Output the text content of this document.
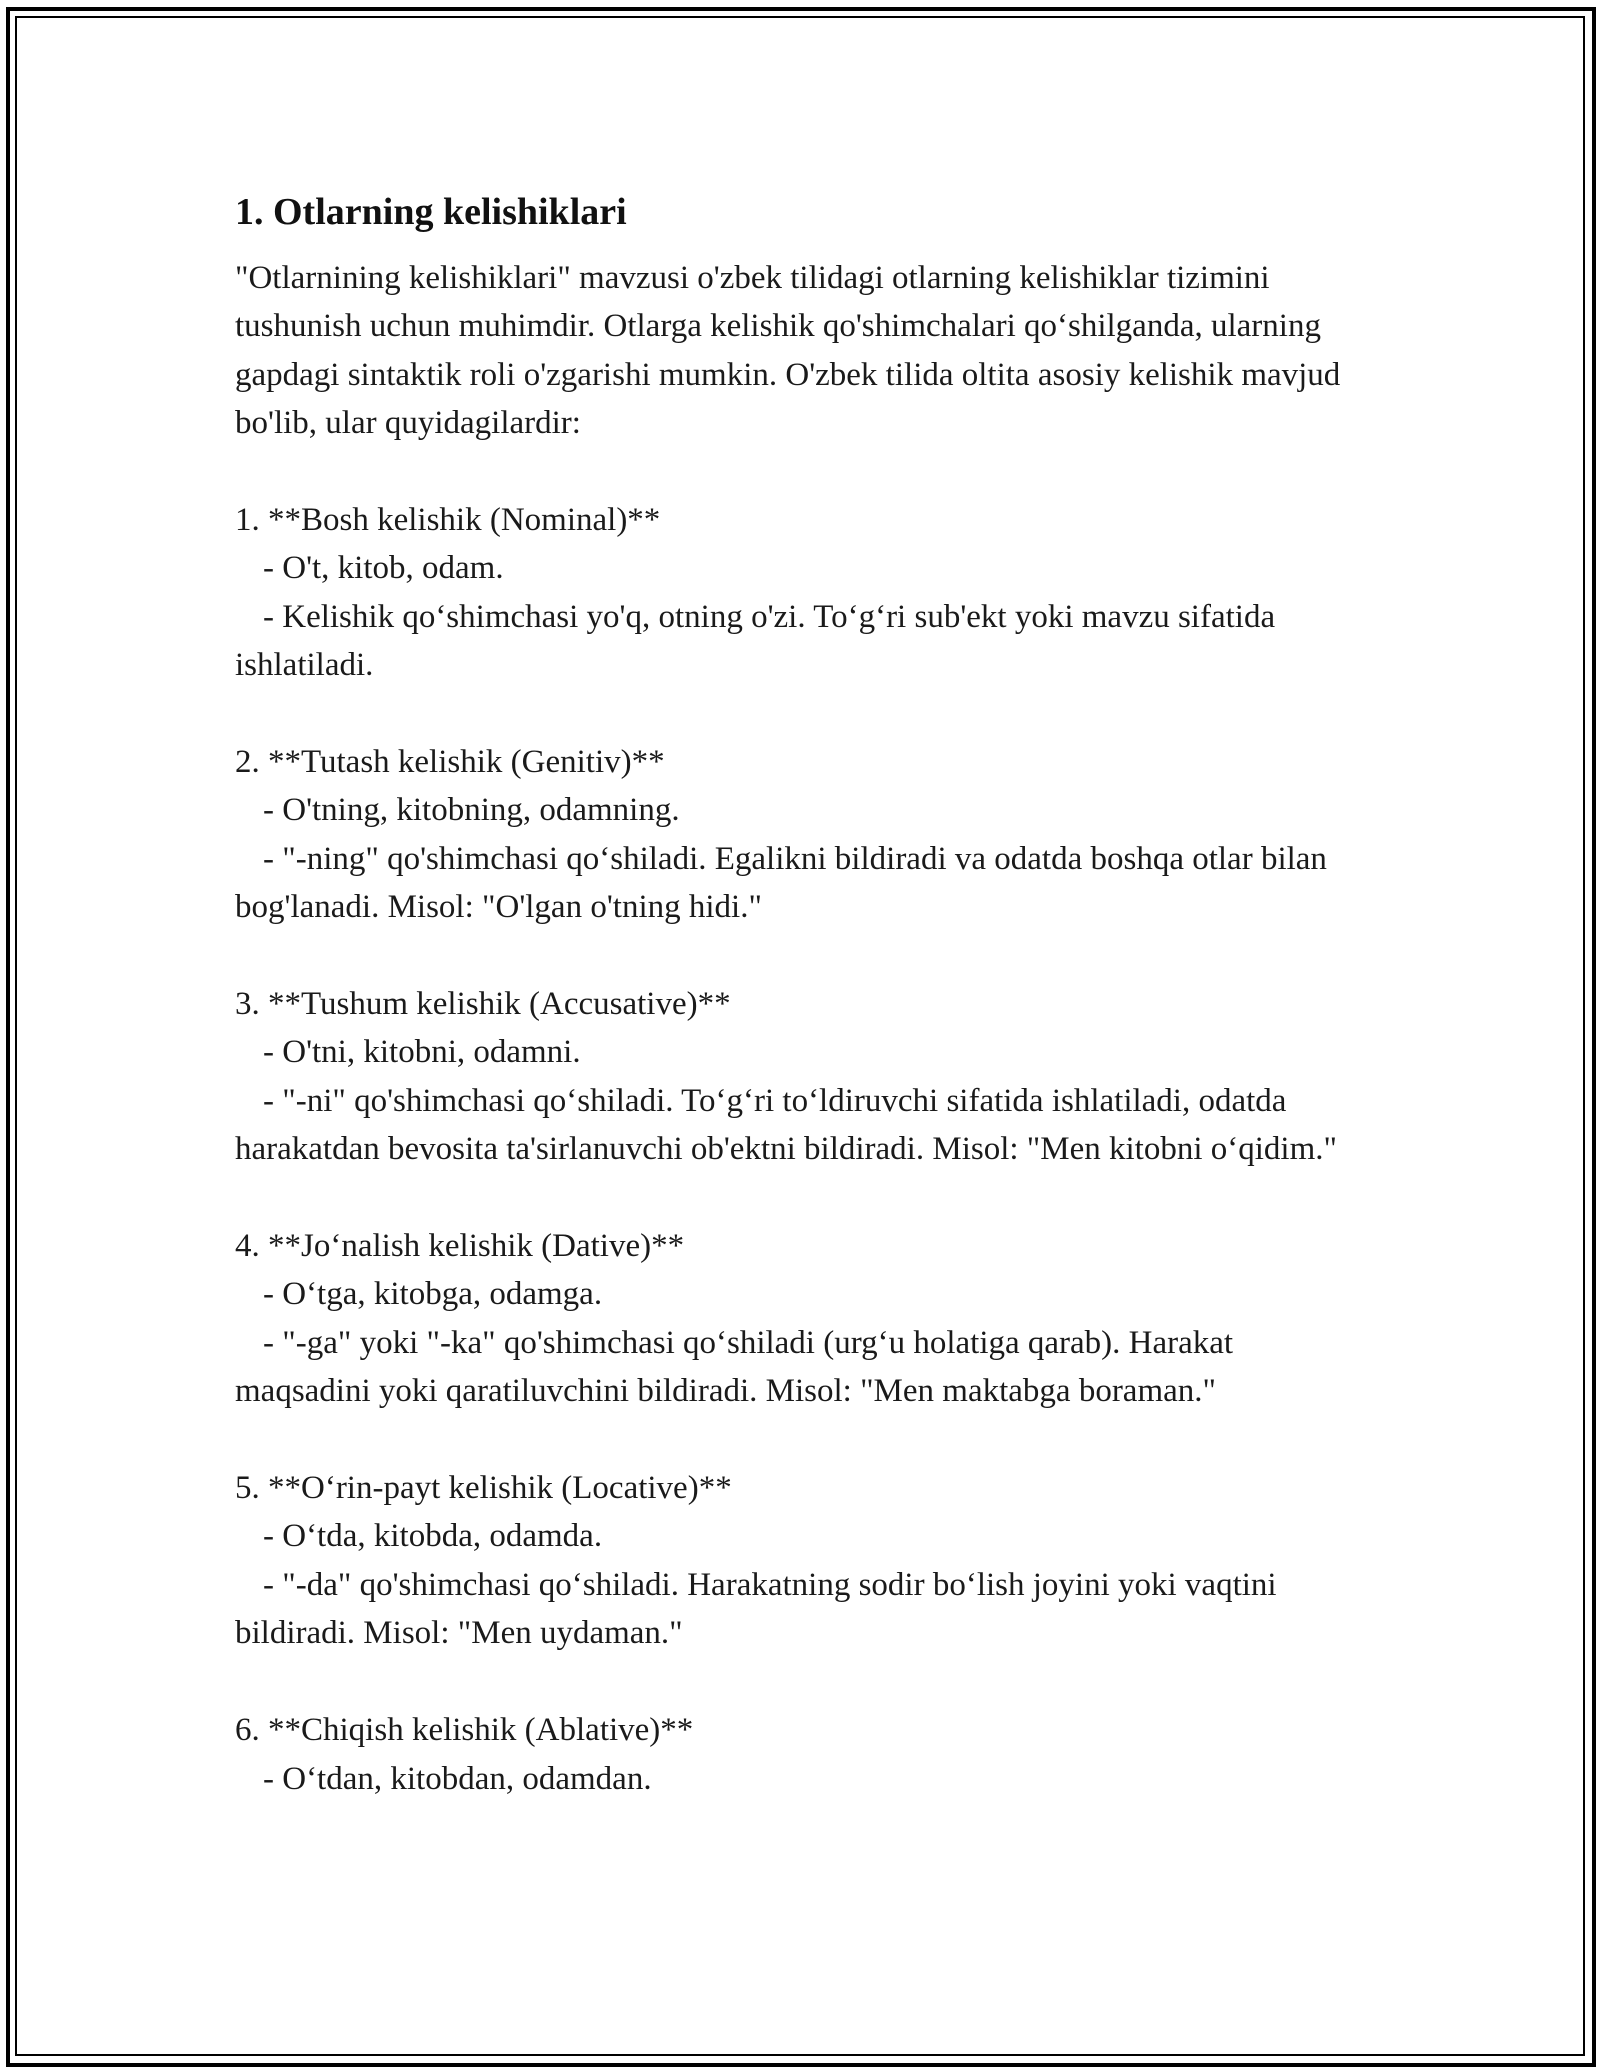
1. Otlarning kelishiklari

"Otlarnining kelishiklari" mavzusi o'zbek tilidagi otlarning kelishiklar tizimini tushunish uchun muhimdir. Otlarga kelishik qo'shimchalari qo‘shilganda, ularning gapdagi sintaktik roli o'zgarishi mumkin. O'zbek tilida oltita asosiy kelishik mavjud bo'lib, ular quyidagilardir:

1. **Bosh kelishik (Nominal)**

- O't, kitob, odam.

- Kelishik qo‘shimchasi yo'q, otning o'zi. To‘g‘ri sub'ekt yoki mavzu sifatida ishlatiladi.

2. **Tutash kelishik (Genitiv)**

- O'tning, kitobning, odamning.

- "-ning" qo'shimchasi qo‘shiladi. Egalikni bildiradi va odatda boshqa otlar bilan bog'lanadi. Misol: "O'lgan o'tning hidi."

3. **Tushum kelishik (Accusative)**

- O'tni, kitobni, odamni.

- "-ni" qo'shimchasi qo‘shiladi. To‘g‘ri to‘ldiruvchi sifatida ishlatiladi, odatda harakatdan bevosita ta'sirlanuvchi ob'ektni bildiradi. Misol: "Men kitobni o‘qidim."

4. **Jo‘nalish kelishik (Dative)**

- O‘tga, kitobga, odamga.

- "-ga" yoki "-ka" qo'shimchasi qo‘shiladi (urg‘u holatiga qarab). Harakat maqsadini yoki qaratiluvchini bildiradi. Misol: "Men maktabga boraman."

5. **O‘rin-payt kelishik (Locative)**

- O‘tda, kitobda, odamda.

- "-da" qo'shimchasi qo‘shiladi. Harakatning sodir bo‘lish joyini yoki vaqtini bildiradi. Misol: "Men uydaman."

6. **Chiqish kelishik (Ablative)**

- O‘tdan, kitobdan, odamdan.
